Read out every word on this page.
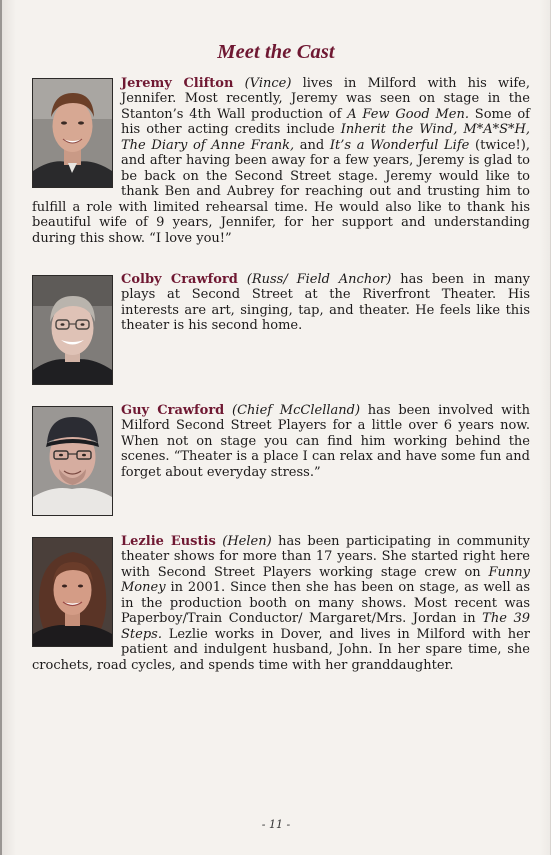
Meet the Cast
Jeremy Clifton (Vince) lives in Milford with his wife, Jennifer. Most recently, Jeremy was seen on stage in the Stanton’s 4th Wall production of A Few Good Men. Some of his other acting credits include Inherit the Wind, M*A*S*H, The Diary of Anne Frank, and It’s a Wonderful Life (twice!), and after having been away for a few years, Jeremy is glad to be back on the Second Street stage. Jeremy would like to thank Ben and Aubrey for reaching out and trusting him to fulfill a role with limited rehearsal time. He would also like to thank his beautiful wife of 9 years, Jennifer, for her support and understanding during this show. “I love you!”
Colby Crawford (Russ/ Field Anchor) has been in many plays at Second Street at the Riverfront Theater. His interests are art, singing, tap, and theater. He feels like this theater is his second home.
Guy Crawford (Chief McClelland) has been involved with Milford Second Street Players for a little over 6 years now. When not on stage you can find him working behind the scenes. “Theater is a place I can relax and have some fun and forget about everyday stress.”
Lezlie Eustis (Helen) has been participating in community theater shows for more than 17 years. She started right here with Second Street Players working stage crew on Funny Money in 2001. Since then she has been on stage, as well as in the production booth on many shows. Most recent was Paperboy/Train Conductor/ Margaret/Mrs. Jordan in The 39 Steps. Lezlie works in Dover, and lives in Milford with her patient and indulgent husband, John. In her spare time, she crochets, road cycles, and spends time with her granddaughter.
- 11 -
